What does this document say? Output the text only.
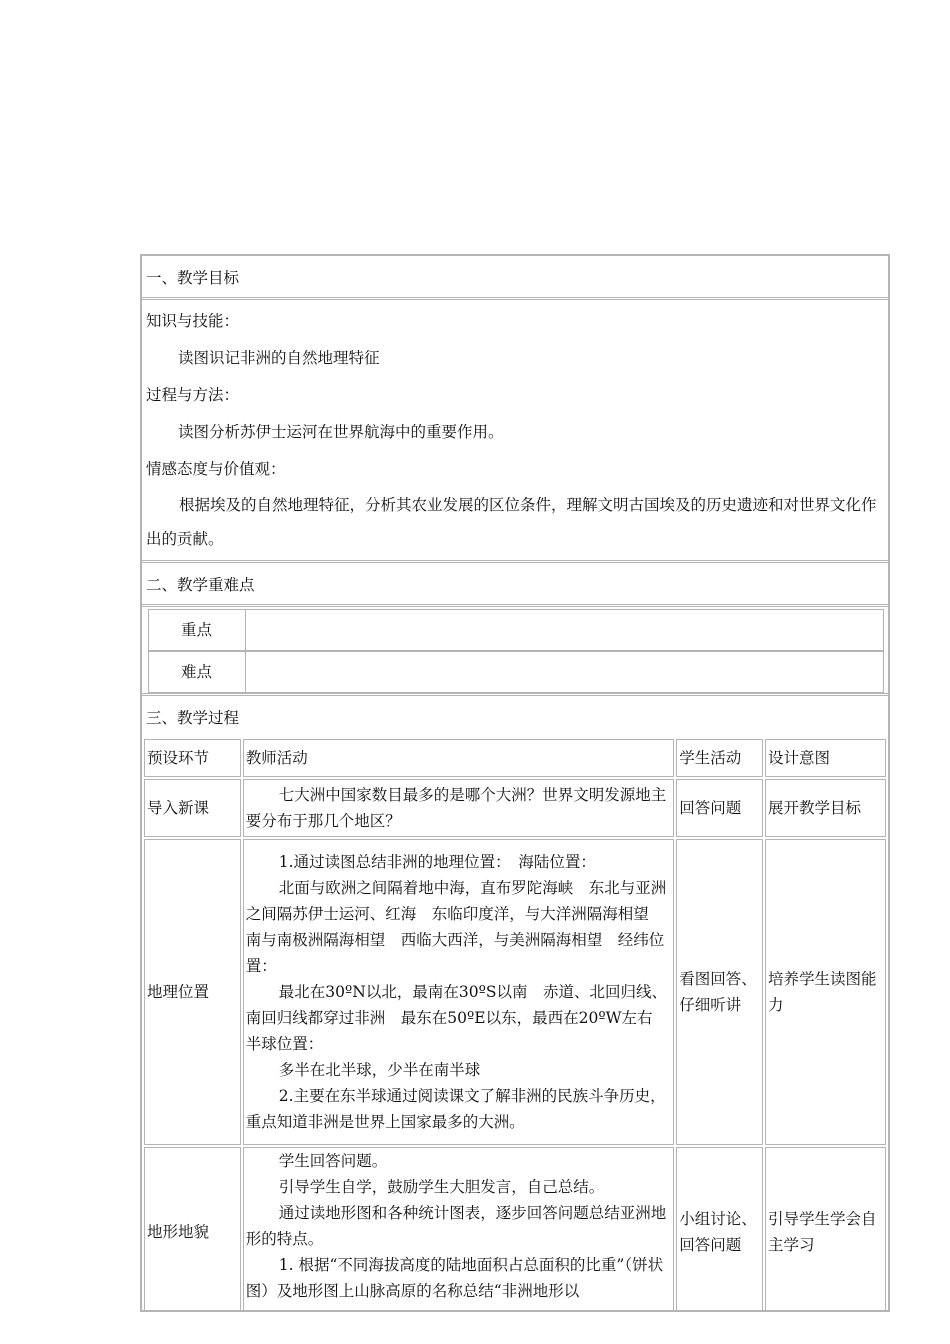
一、教学目标

知识与技能：

读图识记非洲的自然地理特征

过程与方法：

读图分析苏伊士运河在世界航海中的重要作用。

情感态度与价值观：

根据埃及的自然地理特征，分析其农业发展的区位条件，理解文明古国埃及的历史遗迹和对世界文化作出的贡献。

二、教学重难点
重点
难点
三、教学过程
预设环节	教师活动	学生活动	设计意图
导入新课	七大洲中国家数目最多的是哪个大洲？世界文明发源地主要分布于那几个地区？	回答问题	展开教学目标
地理位置	1.通过读图总结非洲的地理位置：　海陆位置：
北面与欧洲之间隔着地中海，直布罗陀海峡　东北与亚洲之间隔苏伊士运河、红海　东临印度洋，与大洋洲隔海相望　南与南极洲隔海相望　西临大西洋，与美洲隔海相望　经纬位置：
最北在30ºN以北，最南在30ºS以南　赤道、北回归线、南回归线都穿过非洲　最东在50ºE以东，最西在20ºW左右　半球位置：
多半在北半球，少半在南半球
2.主要在东半球通过阅读课文了解非洲的民族斗争历史，重点知道非洲是世界上国家最多的大洲。	看图回答、仔细听讲	培养学生读图能力
地形地貌	学生回答问题。
引导学生自学，鼓励学生大胆发言，自己总结。
通过读地形图和各种统计图表，逐步回答问题总结亚洲地形的特点。
1. 根据“不同海拔高度的陆地面积占总面积的比重”（饼状图）及地形图上山脉高原的名称总结“非洲地形以	小组讨论、回答问题	引导学生学会自主学习
